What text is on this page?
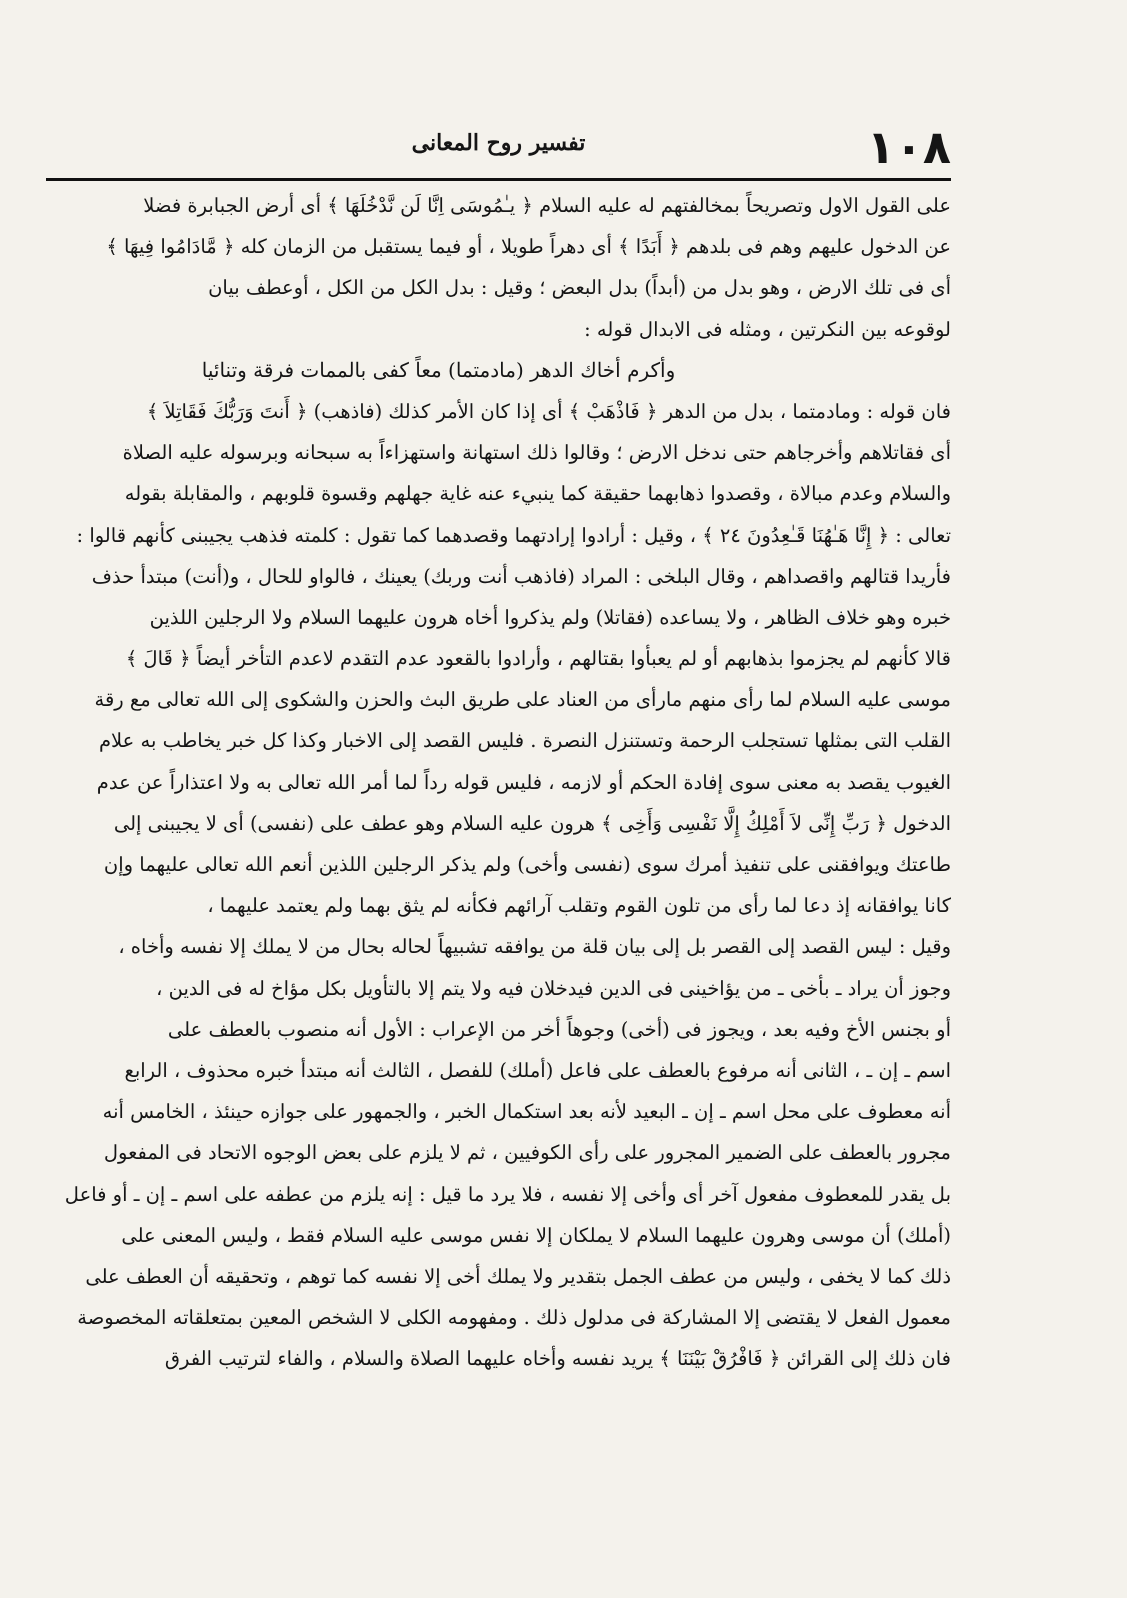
١٠٨
تفسير روح المعانى
على القول الاول وتصريحاً بمخالفتهم له عليه السلام ﴿ يـٰمُوسَى اِنَّا لَن نَّدْخُلَهَا ﴾ أى أرض الجبابرة فضلا
عن الدخول عليهم وهم فى بلدهم ﴿ أَبَدًا ﴾ أى دهراً طويلا ، أو فيما يستقبل من الزمان كله ﴿ مَّادَامُوا فِيهَا ﴾
أى فى تلك الارض ، وهو بدل من (أبداً) بدل البعض ؛ وقيل : بدل الكل من الكل ، أوعطف بيان
لوقوعه بين النكرتين ، ومثله فى الابدال قوله :
وأكرم أخاك الدهر (مادمتما) معاً كفى بالممات فرقة وتنائيا
فان قوله : ومادمتما ، بدل من الدهر ﴿ فَاذْهَبْ ﴾ أى إذا كان الأمر كذلك (فاذهب) ﴿ أَنتَ وَرَبُّكَ فَقَاتِلاَ ﴾
أى فقاتلاهم وأخرجاهم حتى ندخل الارض ؛ وقالوا ذلك استهانة واستهزاءاً به سبحانه وبرسوله عليه الصلاة
والسلام وعدم مبالاة ، وقصدوا ذهابهما حقيقة كما ينبيء عنه غاية جهلهم وقسوة قلوبهم ، والمقابلة بقوله
تعالى : ﴿ إِنَّا هَـٰهُنَا قَـٰعِدُونَ ٢٤ ﴾ ، وقيل : أرادوا إرادتهما وقصدهما كما تقول : كلمته فذهب يجيبنى كأنهم قالوا :
فأريدا قتالهم واقصداهم ، وقال البلخى : المراد (فاذهب أنت وربك) يعينك ، فالواو للحال ، و(أنت) مبتدأ حذف
خبره وهو خلاف الظاهر ، ولا يساعده (فقاتلا) ولم يذكروا أخاه هرون عليهما السلام ولا الرجلين اللذين
قالا كأنهم لم يجزموا بذهابهم أو لم يعبأوا بقتالهم ، وأرادوا بالقعود عدم التقدم لاعدم التأخر أيضاً ﴿ قَالَ ﴾
موسى عليه السلام لما رأى منهم مارأى من العناد على طريق البث والحزن والشكوى إلى الله تعالى مع رقة
القلب التى بمثلها تستجلب الرحمة وتستنزل النصرة . فليس القصد إلى الاخبار وكذا كل خبر يخاطب به علام
الغيوب يقصد به معنى سوى إفادة الحكم أو لازمه ، فليس قوله رداً لما أمر الله تعالى به ولا اعتذاراً عن عدم
الدخول ﴿ رَبِّ إِنِّى لاَ أَمْلِكُ إِلَّا نَفْسِى وَأَخِى ﴾ هرون عليه السلام وهو عطف على (نفسى) أى لا يجيبنى إلى
طاعتك ويوافقنى على تنفيذ أمرك سوى (نفسى وأخى) ولم يذكر الرجلين اللذين أنعم الله تعالى عليهما وإن
كانا يوافقانه إذ دعا لما رأى من تلون القوم وتقلب آرائهم فكأنه لم يثق بهما ولم يعتمد عليهما ،
وقيل : ليس القصد إلى القصر بل إلى بيان قلة من يوافقه تشبيهاً لحاله بحال من لا يملك إلا نفسه وأخاه ،
وجوز أن يراد ـ بأخى ـ من يؤاخينى فى الدين فيدخلان فيه ولا يتم إلا بالتأويل بكل مؤاخ له فى الدين ،
أو بجنس الأخ وفيه بعد ، ويجوز فى (أخى) وجوهاً أخر من الإعراب : الأول أنه منصوب بالعطف على
اسم ـ إن ـ ، الثانى أنه مرفوع بالعطف على فاعل (أملك) للفصل ، الثالث أنه مبتدأ خبره محذوف ، الرابع
أنه معطوف على محل اسم ـ إن ـ البعيد لأنه بعد استكمال الخبر ، والجمهور على جوازه حينئذ ، الخامس أنه
مجرور بالعطف على الضمير المجرور على رأى الكوفيين ، ثم لا يلزم على بعض الوجوه الاتحاد فى المفعول
بل يقدر للمعطوف مفعول آخر أى وأخى إلا نفسه ، فلا يرد ما قيل : إنه يلزم من عطفه على اسم ـ إن ـ أو فاعل
(أملك) أن موسى وهرون عليهما السلام لا يملكان إلا نفس موسى عليه السلام فقط ، وليس المعنى على
ذلك كما لا يخفى ، وليس من عطف الجمل بتقدير ولا يملك أخى إلا نفسه كما توهم ، وتحقيقه أن العطف على
معمول الفعل لا يقتضى إلا المشاركة فى مدلول ذلك . ومفهومه الكلى لا الشخص المعين بمتعلقاته المخصوصة
فان ذلك إلى القرائن ﴿ فَافْرُقْ بَيْنَنَا ﴾ يريد نفسه وأخاه عليهما الصلاة والسلام ، والفاء لترتيب الفرق
